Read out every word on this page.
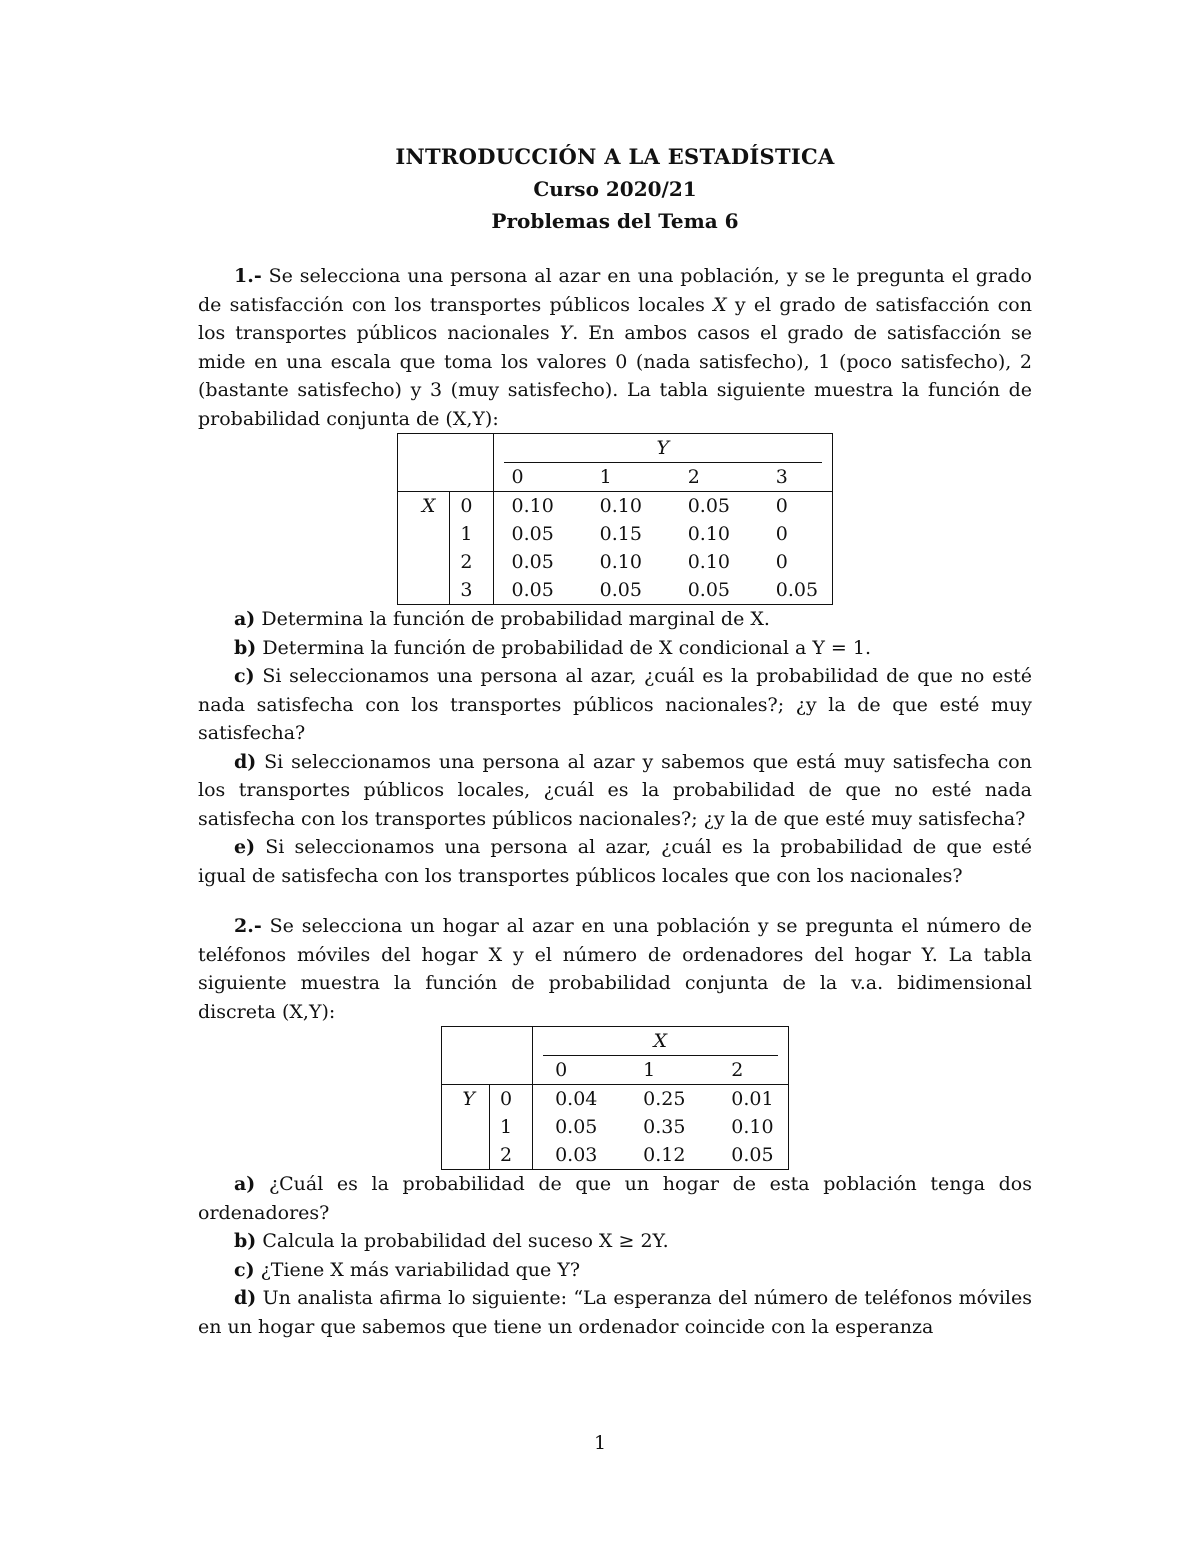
INTRODUCCIÓN A LA ESTADÍSTICA
Curso 2020/21
Problemas del Tema 6

1.- Se selecciona una persona al azar en una población, y se le pregunta el grado de satisfacción con los transportes públicos locales X y el grado de satisfacción con los transportes públicos nacionales Y. En ambos casos el grado de satisfacción se mide en una escala que toma los valores 0 (nada satisfecho), 1 (poco satisfecho), 2 (bastante satisfecho) y 3 (muy satisfecho). La tabla siguiente muestra la función de probabilidad conjunta de (X,Y):

		Y			

		0	1	2	3
X	0	0.10	0.10	0.05	0
	1	0.05	0.15	0.10	0
	2	0.05	0.10	0.10	0
	3	0.05	0.05	0.05	0.05

a) Determina la función de probabilidad marginal de X.

b) Determina la función de probabilidad de X condicional a Y = 1.

c) Si seleccionamos una persona al azar, ¿cuál es la probabilidad de que no esté nada satisfecha con los transportes públicos nacionales?; ¿y la de que esté muy satisfecha?

d) Si seleccionamos una persona al azar y sabemos que está muy satisfecha con los transportes públicos locales, ¿cuál es la probabilidad de que no esté nada satisfecha con los transportes públicos nacionales?; ¿y la de que esté muy satisfecha?

e) Si seleccionamos una persona al azar, ¿cuál es la probabilidad de que esté igual de satisfecha con los transportes públicos locales que con los nacionales?

2.- Se selecciona un hogar al azar en una población y se pregunta el número de teléfonos móviles del hogar X y el número de ordenadores del hogar Y. La tabla siguiente muestra la función de probabilidad conjunta de la v.a. bidimensional discreta (X,Y):

		X		

		0	1	2
Y	0	0.04	0.25	0.01
	1	0.05	0.35	0.10
	2	0.03	0.12	0.05

a) ¿Cuál es la probabilidad de que un hogar de esta población tenga dos ordenadores?

b) Calcula la probabilidad del suceso X ≥ 2Y.

c) ¿Tiene X más variabilidad que Y?

d) Un analista afirma lo siguiente: “La esperanza del número de teléfonos móviles en un hogar que sabemos que tiene un ordenador coincide con la esperanza

1
